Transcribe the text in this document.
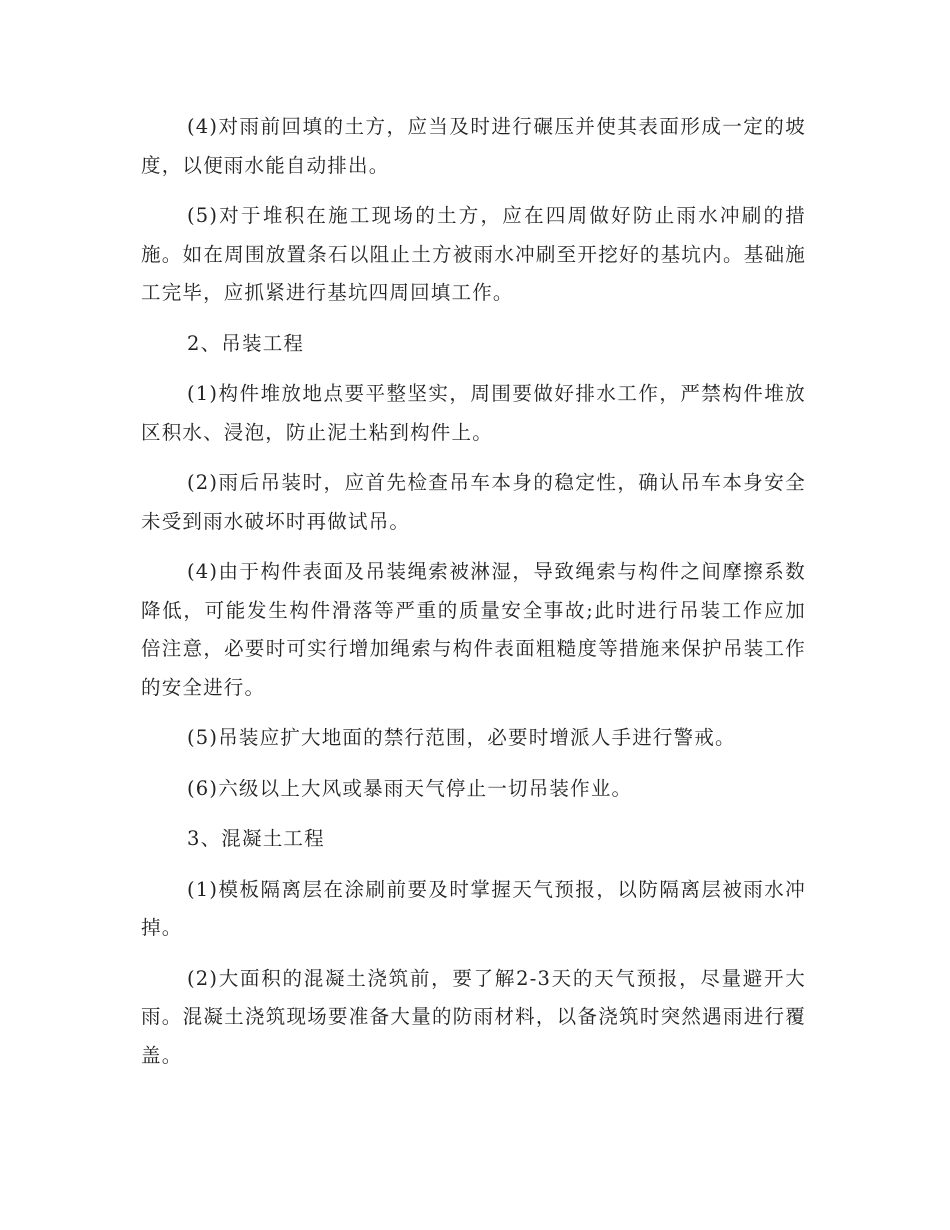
(4)对雨前回填的土方，应当及时进行碾压并使其表面形成一定的坡度，以便雨水能自动排出。

(5)对于堆积在施工现场的土方，应在四周做好防止雨水冲刷的措施。如在周围放置条石以阻止土方被雨水冲刷至开挖好的基坑内。基础施工完毕，应抓紧进行基坑四周回填工作。

2、吊装工程

(1)构件堆放地点要平整坚实，周围要做好排水工作，严禁构件堆放区积水、浸泡，防止泥土粘到构件上。

(2)雨后吊装时，应首先检查吊车本身的稳定性，确认吊车本身安全未受到雨水破坏时再做试吊。

(4)由于构件表面及吊装绳索被淋湿，导致绳索与构件之间摩擦系数降低，可能发生构件滑落等严重的质量安全事故;此时进行吊装工作应加倍注意，必要时可实行增加绳索与构件表面粗糙度等措施来保护吊装工作的安全进行。

(5)吊装应扩大地面的禁行范围，必要时增派人手进行警戒。

(6)六级以上大风或暴雨天气停止一切吊装作业。

3、混凝土工程

(1)模板隔离层在涂刷前要及时掌握天气预报，以防隔离层被雨水冲掉。

(2)大面积的混凝土浇筑前，要了解2-3天的天气预报，尽量避开大雨。混凝土浇筑现场要准备大量的防雨材料，以备浇筑时突然遇雨进行覆盖。
